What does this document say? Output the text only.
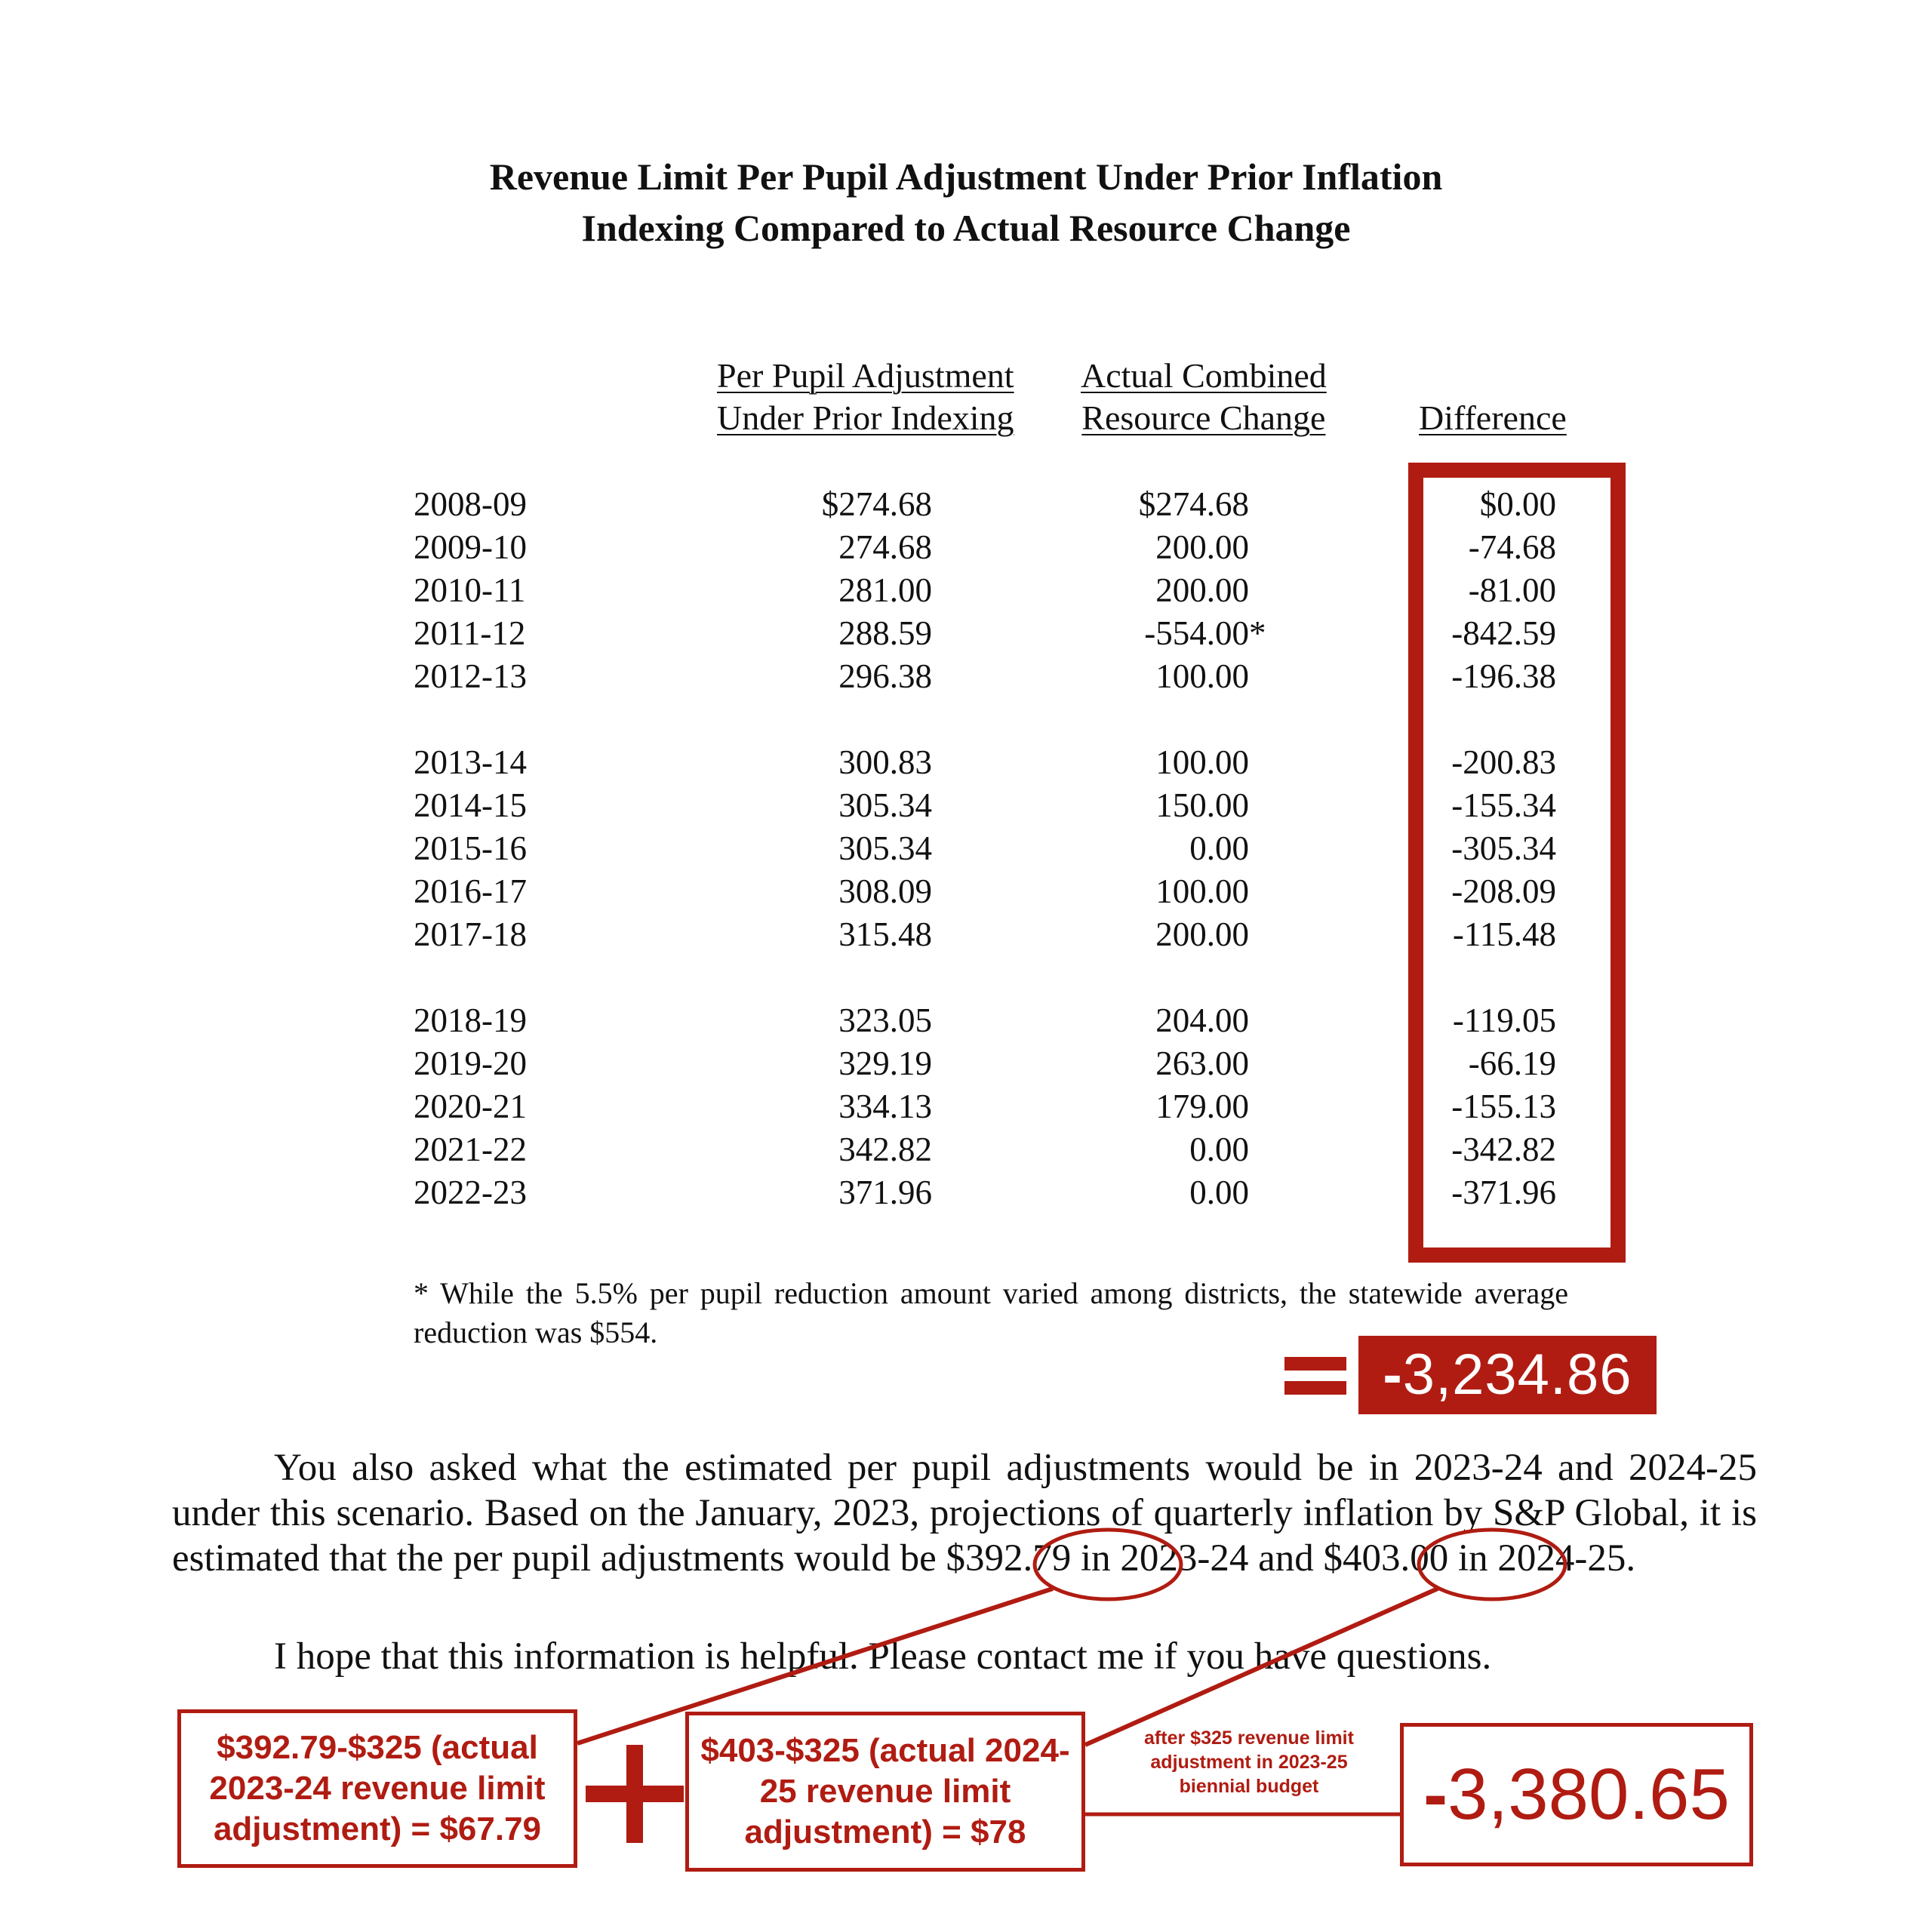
Revenue Limit Per Pupil Adjustment Under Prior Inflation
Indexing Compared to Actual Resource Change
Per Pupil Adjustment
Under Prior Indexing
Actual Combined
Resource Change	Difference
2008-09	$274.68	$274.68	$0.00
2009-10	274.68	200.00	-74.68
2010-11	281.00	200.00	-81.00
2011-12	288.59	-554.00 *	-842.59
2012-13	296.38	100.00	-196.38
2013-14	300.83	100.00	-200.83
2014-15	305.34	150.00	-155.34
2015-16	305.34	0.00	-305.34
2016-17	308.09	100.00	-208.09
2017-18	315.48	200.00	-115.48
2018-19	323.05	204.00	-119.05
2019-20	329.19	263.00	-66.19
2020-21	334.13	179.00	-155.13
2021-22	342.82	0.00	-342.82
2022-23	371.96	0.00	-371.96
* While the 5.5% per pupil reduction amount varied among districts, the statewide average reduction was $554.
-3,234.86
You also asked what the estimated per pupil adjustments would be in 2023-24 and 2024-25 under this scenario. Based on the January, 2023, projections of quarterly inflation by S&P Global, it is estimated that the per pupil adjustments would be $392.79 in 2023-24 and $403.00 in 2024-25.
I hope that this information is helpful. Please contact me if you have questions.
$392.79-$325 (actual 2023-24 revenue limit adjustment) = $67.79
$403-$325 (actual 2024-25 revenue limit adjustment) = $78
after $325 revenue limit adjustment in 2023-25 biennial budget	-3,380.65
